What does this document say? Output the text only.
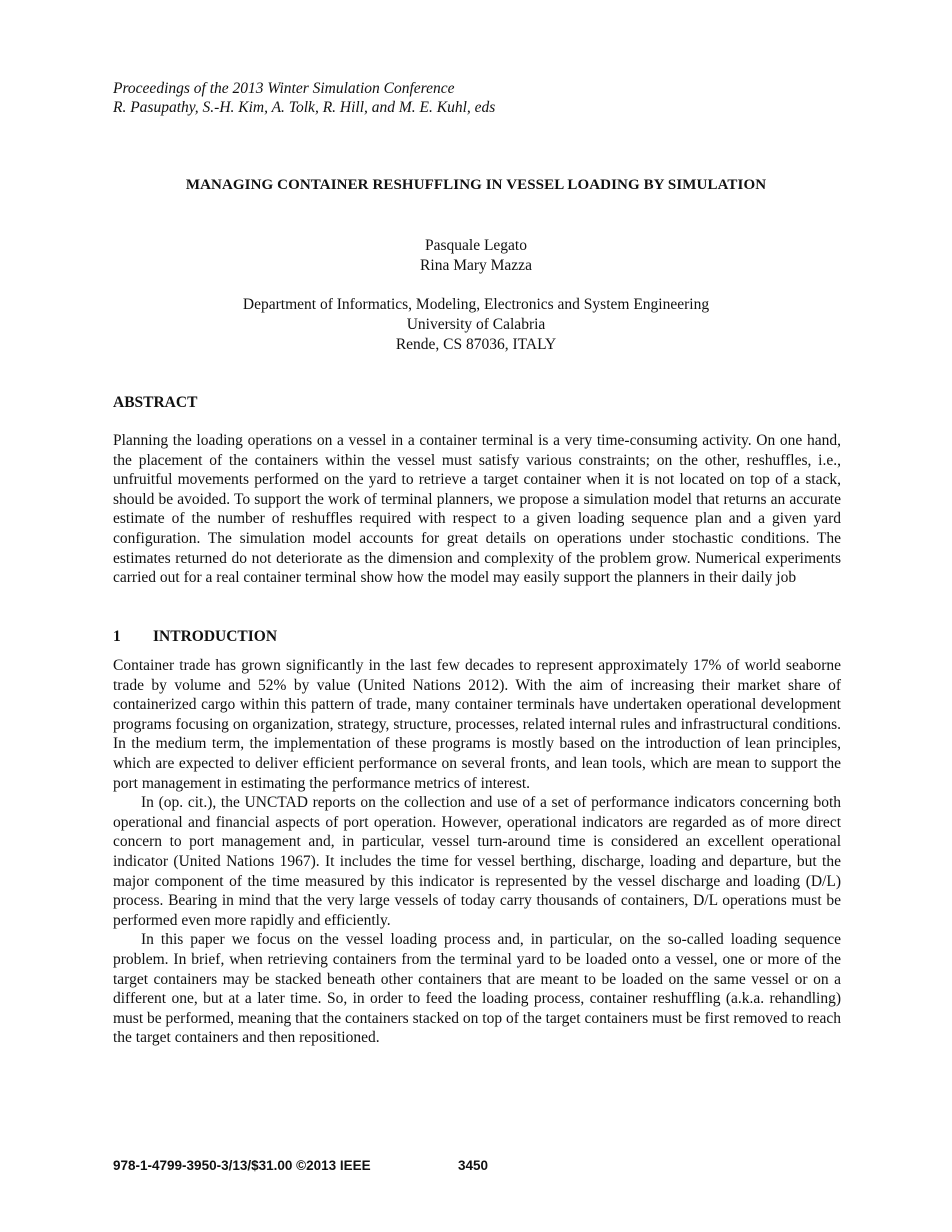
Proceedings of the 2013 Winter Simulation Conference
R. Pasupathy, S.-H. Kim, A. Tolk, R. Hill, and M. E. Kuhl, eds
MANAGING CONTAINER RESHUFFLING IN VESSEL LOADING BY SIMULATION
Pasquale Legato
Rina Mary Mazza
Department of Informatics, Modeling, Electronics and System Engineering
University of Calabria
Rende, CS 87036, ITALY
ABSTRACT

Planning the loading operations on a vessel in a container terminal is a very time-consuming activity. On one hand, the placement of the containers within the vessel must satisfy various constraints; on the other, reshuffles, i.e., unfruitful movements performed on the yard to retrieve a target container when it is not located on top of a stack, should be avoided. To support the work of terminal planners, we propose a simulation model that returns an accurate estimate of the number of reshuffles required with respect to a given loading sequence plan and a given yard configuration. The simulation model accounts for great details on operations under stochastic conditions. The estimates returned do not deteriorate as the dimension and complexity of the problem grow. Numerical experiments carried out for a real container terminal show how the model may easily support the planners in their daily job

1 INTRODUCTION

Container trade has grown significantly in the last few decades to represent approximately 17% of world seaborne trade by volume and 52% by value (United Nations 2012). With the aim of increasing their market share of containerized cargo within this pattern of trade, many container terminals have undertaken operational development programs focusing on organization, strategy, structure, processes, related internal rules and infrastructural conditions. In the medium term, the implementation of these programs is mostly based on the introduction of lean principles, which are expected to deliver efficient performance on several fronts, and lean tools, which are mean to support the port management in estimating the performance metrics of interest.

In (op. cit.), the UNCTAD reports on the collection and use of a set of performance indicators concerning both operational and financial aspects of port operation. However, operational indicators are regarded as of more direct concern to port management and, in particular, vessel turn-around time is considered an excellent operational indicator (United Nations 1967). It includes the time for vessel berthing, discharge, loading and departure, but the major component of the time measured by this indicator is represented by the vessel discharge and loading (D/L) process. Bearing in mind that the very large vessels of today carry thousands of containers, D/L operations must be performed even more rapidly and efficiently.

In this paper we focus on the vessel loading process and, in particular, on the so-called loading sequence problem. In brief, when retrieving containers from the terminal yard to be loaded onto a vessel, one or more of the target containers may be stacked beneath other containers that are meant to be loaded on the same vessel or on a different one, but at a later time. So, in order to feed the loading process, container reshuffling (a.k.a. rehandling) must be performed, meaning that the containers stacked on top of the target containers must be first removed to reach the target containers and then repositioned.

978-1-4799-3950-3/13/$31.00 ©2013 IEEE	3450
